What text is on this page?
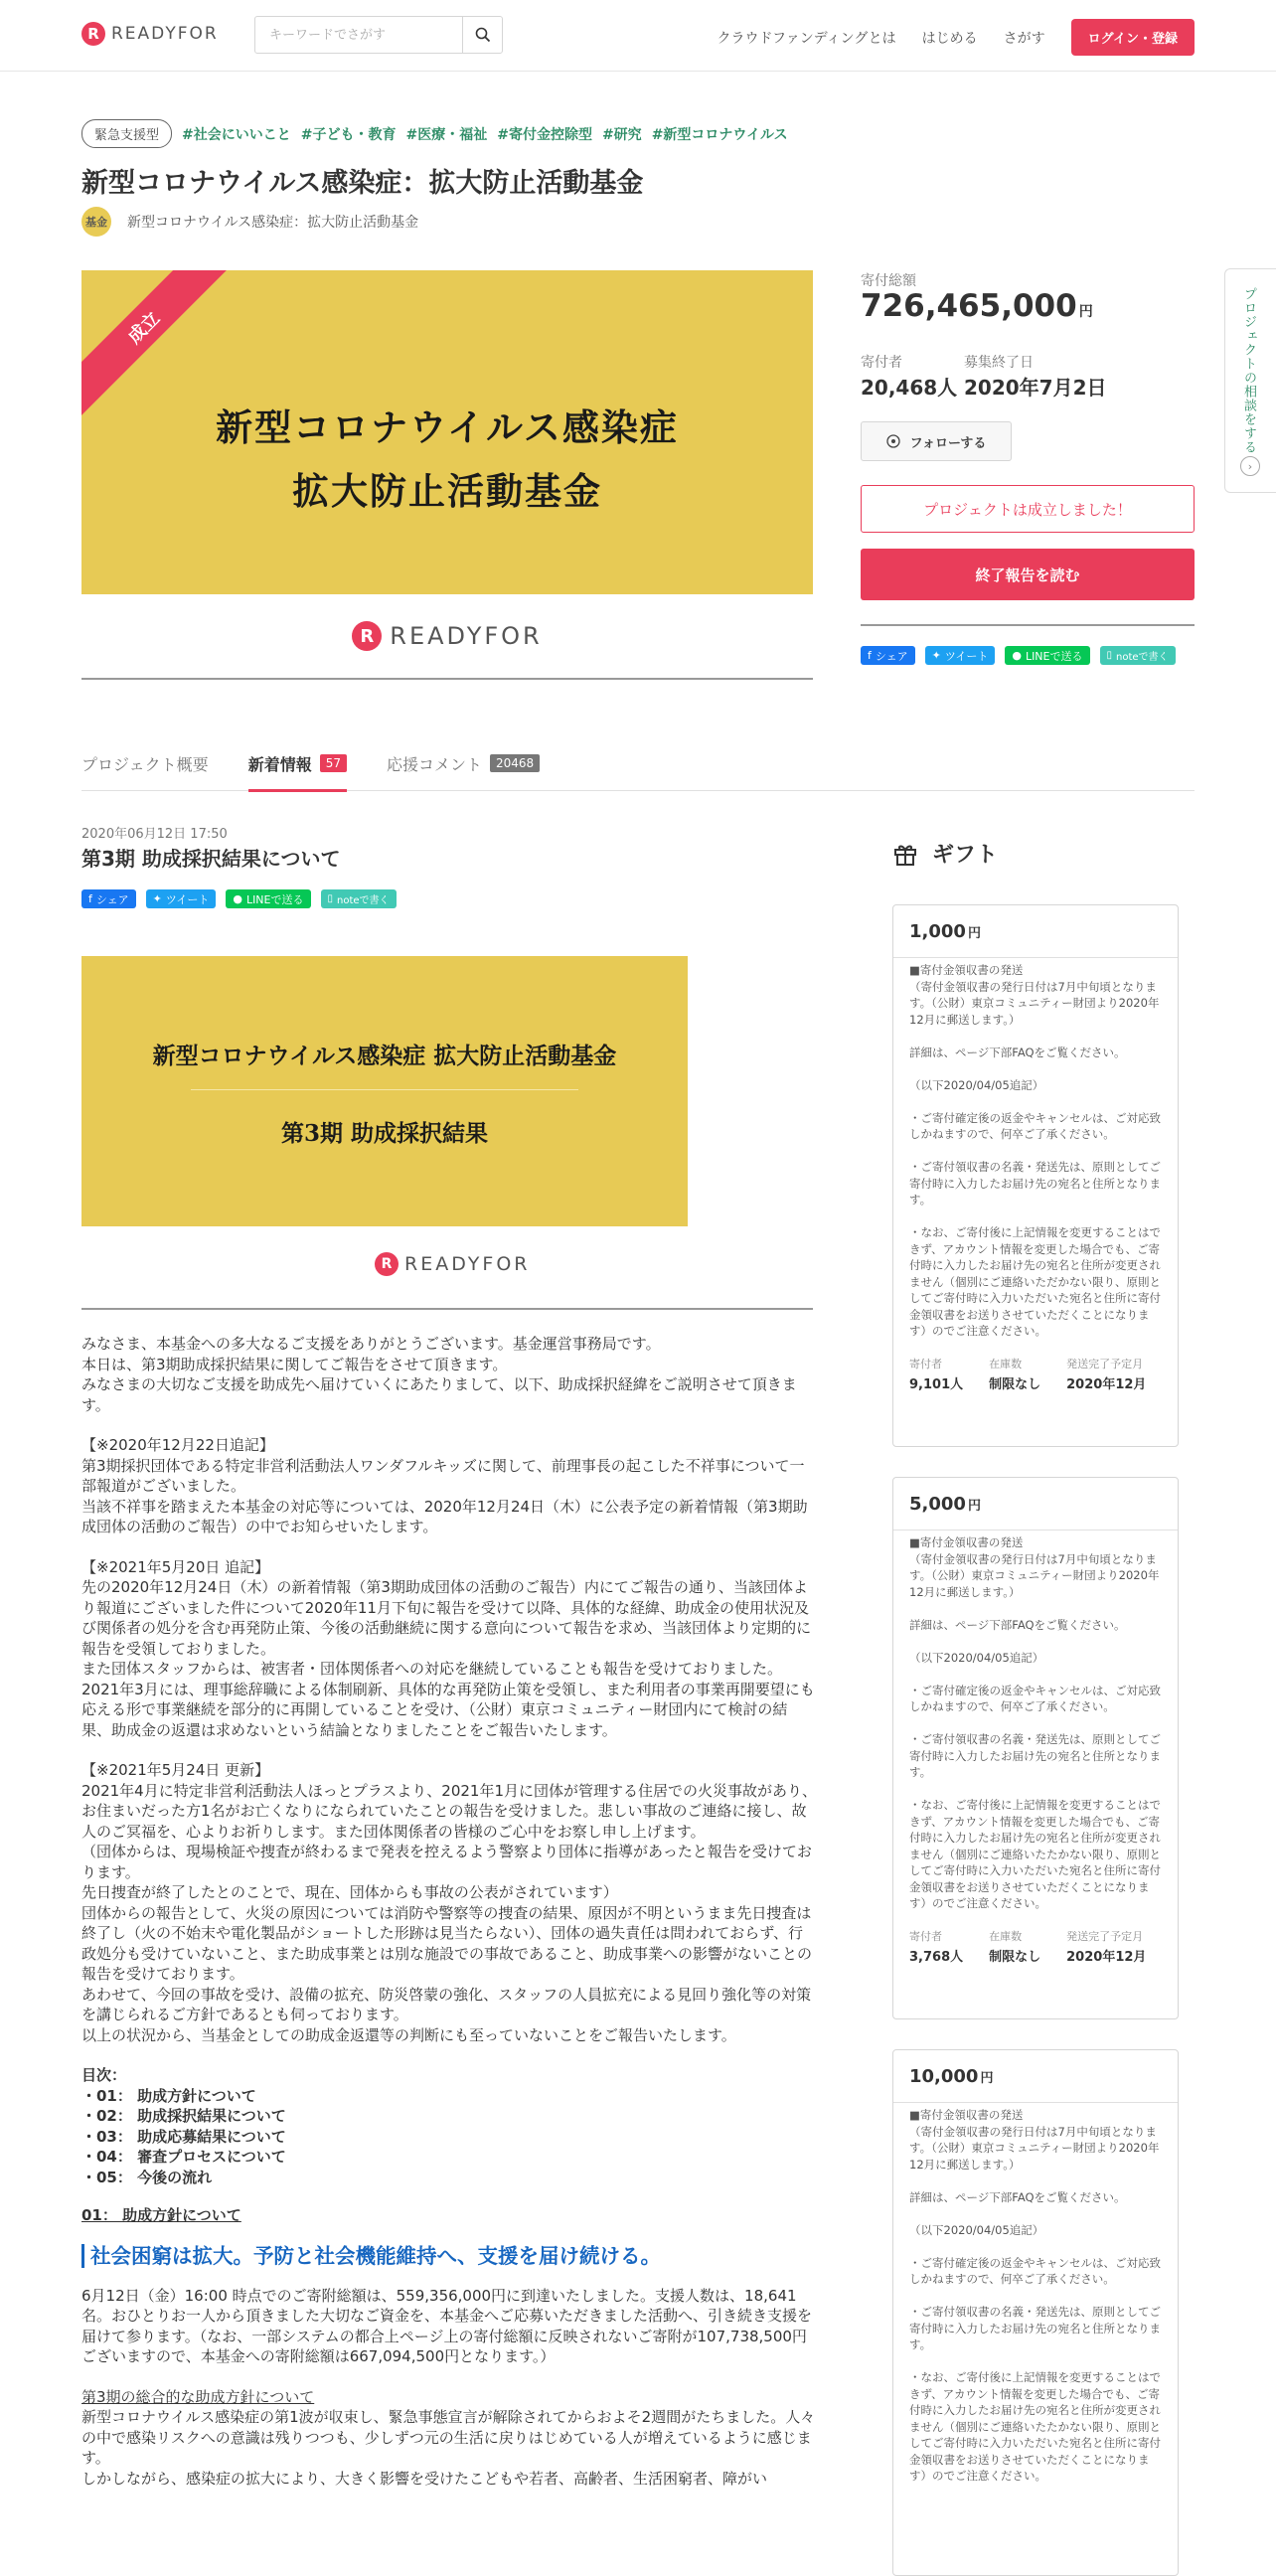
R READYFOR
キーワードでさがす	クラウドファンディングとは はじめる さがす	ログイン・登録
緊急支援型	#社会にいいこと #子ども・教育 #医療・福祉 #寄付金控除型 #研究 #新型コロナウイルス
新型コロナウイルス感染症：拡大防止活動基金
基金 新型コロナウイルス感染症：拡大防止活動基金
成立
新型コロナウイルス感染症
拡大防止活動基金
R READYFOR
寄付総額
726,465,000 円
寄付者
20,468人
募集終了日
2020年7月2日
フォローする
プロジェクトは成立しました！
終了報告を読む
f シェア ✦ ツイート ● LINEで送る ▯ noteで書く
プロジェクトの相談をする
›
プロジェクト概要	新着情報	57	応援コメント	20468
2020年06月12日 17:50
第3期 助成採択結果について
f シェア ✦ ツイート ● LINEで送る ▯ noteで書く
新型コロナウイルス感染症 拡大防止活動基金
第3期 助成採択結果
R READYFOR

みなさま、本基金への多大なるご支援をありがとうございます。基金運営事務局です。
本日は、第3期助成採択結果に関してご報告をさせて頂きます。
みなさまの大切なご支援を助成先へ届けていくにあたりまして、以下、助成採択経緯をご説明させて頂きます。

【※2020年12月22日追記】
第3期採択団体である特定非営利活動法人ワンダフルキッズに関して、前理事長の起こした不祥事について一部報道がございました。
当該不祥事を踏まえた本基金の対応等については、2020年12月24日（木）に公表予定の新着情報（第3期助成団体の活動のご報告）の中でお知らせいたします。

【※2021年5月20日 追記】
先の2020年12月24日（木）の新着情報（第3期助成団体の活動のご報告）内にてご報告の通り、当該団体より報道にございました件について2020年11月下旬に報告を受けて以降、具体的な経緯、助成金の使用状況及び関係者の処分を含む再発防止策、今後の活動継続に関する意向について報告を求め、当該団体より定期的に報告を受領しておりました。
また団体スタッフからは、被害者・団体関係者への対応を継続していることも報告を受けておりました。
2021年3月には、理事総辞職による体制刷新、具体的な再発防止策を受領し、また利用者の事業再開要望にも応える形で事業継続を部分的に再開していることを受け、（公財）東京コミュニティー財団内にて検討の結果、助成金の返還は求めないという結論となりましたことをご報告いたします。

【※2021年5月24日 更新】
2021年4月に特定非営利活動法人ほっとプラスより、2021年1月に団体が管理する住居での火災事故があり、お住まいだった方1名がお亡くなりになられていたことの報告を受けました。悲しい事故のご連絡に接し、故人のご冥福を、心よりお祈りします。また団体関係者の皆様のご心中をお察し申し上げます。
（団体からは、現場検証や捜査が終わるまで発表を控えるよう警察より団体に指導があったと報告を受けております。
先日捜査が終了したとのことで、現在、団体からも事故の公表がされています）
団体からの報告として、火災の原因については消防や警察等の捜査の結果、原因が不明というまま先日捜査は終了し（火の不始末や電化製品がショートした形跡は見当たらない）、団体の過失責任は問われておらず、行政処分も受けていないこと、また助成事業とは別な施設での事故であること、助成事業への影響がないことの報告を受けております。
あわせて、今回の事故を受け、設備の拡充、防災啓蒙の強化、スタッフの人員拡充による見回り強化等の対策を講じられるご方針であるとも伺っております。
以上の状況から、当基金としての助成金返還等の判断にも至っていないことをご報告いたします。

目次：
・01： 助成方針について
・02： 助成採択結果について
・03： 助成応募結果について
・04： 審査プロセスについて
・05： 今後の流れ
01： 助成方針について
社会困窮は拡大。予防と社会機能維持へ、支援を届け続ける。

6月12日（金）16:00 時点でのご寄附総額は、559,356,000円に到達いたしました。支援人数は、18,641名。おひとりお一人から頂きました大切なご資金を、本基金へご応募いただきました活動へ、引き続き支援を届けて参ります。（なお、一部システムの都合上ページ上の寄付総額に反映されないご寄附が107,738,500円ございますので、本基金への寄附総額は667,094,500円となります。）

第3期の総合的な助成方針について

新型コロナウイルス感染症の第1波が収束し、緊急事態宣言が解除されてからおよそ2週間がたちました。人々の中で感染リスクへの意識は残りつつも、少しずつ元の生活に戻りはじめている人が増えているように感じます。
しかしながら、感染症の拡大により、大きく影響を受けたこどもや若者、高齢者、生活困窮者、障がい

ギフト
1,000 円
■寄付金領収書の発送
（寄付金領収書の発行日付は7月中旬頃となります。（公財）東京コミュニティー財団より2020年12月に郵送します。）

詳細は、ページ下部FAQをご覧ください。

（以下2020/04/05追記）

・ご寄付確定後の返金やキャンセルは、ご対応致しかねますので、何卒ご了承ください。

・ご寄付領収書の名義・発送先は、原則としてご寄付時に入力したお届け先の宛名と住所となります。

・なお、ご寄付後に上記情報を変更することはできず、アカウント情報を変更した場合でも、ご寄付時に入力したお届け先の宛名と住所が変更されません（個別にご連絡いただかない限り、原則としてご寄付時に入力いただいた宛名と住所に寄付金領収書をお送りさせていただくことになります）のでご注意ください。
寄付者
9,101人
在庫数
制限なし
発送完了予定月
2020年12月
5,000 円
■寄付金領収書の発送
（寄付金領収書の発行日付は7月中旬頃となります。（公財）東京コミュニティー財団より2020年12月に郵送します。）

詳細は、ページ下部FAQをご覧ください。

（以下2020/04/05追記）

・ご寄付確定後の返金やキャンセルは、ご対応致しかねますので、何卒ご了承ください。

・ご寄付領収書の名義・発送先は、原則としてご寄付時に入力したお届け先の宛名と住所となります。

・なお、ご寄付後に上記情報を変更することはできず、アカウント情報を変更した場合でも、ご寄付時に入力したお届け先の宛名と住所が変更されません（個別にご連絡いたたかない限り、原則としてご寄付時に入力いただいた宛名と住所に寄付金領収書をお送りさせていただくことになります）のでご注意ください。
寄付者
3,768人
在庫数
制限なし
発送完了予定月
2020年12月
10,000 円
■寄付金領収書の発送
（寄付金領収書の発行日付は7月中旬頃となります。（公財）東京コミュニティー財団より2020年12月に郵送します。）

詳細は、ページ下部FAQをご覧ください。

（以下2020/04/05追記）

・ご寄付確定後の返金やキャンセルは、ご対応致しかねますので、何卒ご了承ください。

・ご寄付領収書の名義・発送先は、原則としてご寄付時に入力したお届け先の宛名と住所となります。

・なお、ご寄付後に上記情報を変更することはできず、アカウント情報を変更した場合でも、ご寄付時に入力したお届け先の宛名と住所が変更されません（個別にご連絡いたたかない限り、原則としてご寄付時に入力いただいた宛名と住所に寄付金領収書をお送りさせていただくことになります）のでご注意ください。
